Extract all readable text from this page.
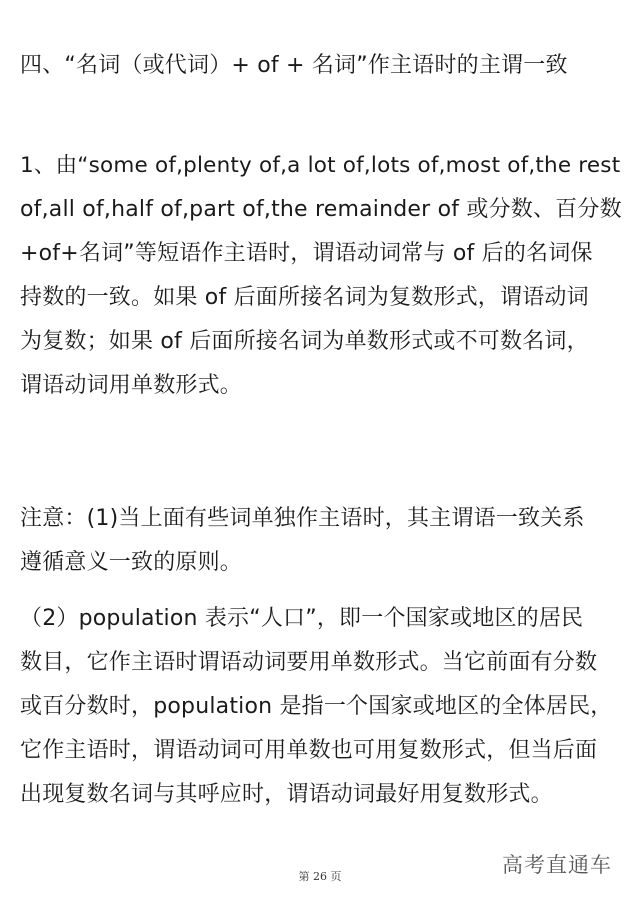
四、“名词（或代词）+ of + 名词”作主语时的主谓一致
1、由“some of,plenty of,a lot of,lots of,most of,the rest
of,all of,half of,part of,the remainder of 或分数、百分数
+of+名词”等短语作主语时，谓语动词常与 of 后的名词保
持数的一致。如果 of 后面所接名词为复数形式，谓语动词
为复数；如果 of 后面所接名词为单数形式或不可数名词，
谓语动词用单数形式。
注意：(1)当上面有些词单独作主语时，其主谓语一致关系
遵循意义一致的原则。
（2）population 表示“人口”，即一个国家或地区的居民
数目，它作主语时谓语动词要用单数形式。当它前面有分数
或百分数时，population 是指一个国家或地区的全体居民，
它作主语时，谓语动词可用单数也可用复数形式，但当后面
出现复数名词与其呼应时，谓语动词最好用复数形式。
第 26 页	高考直通车
